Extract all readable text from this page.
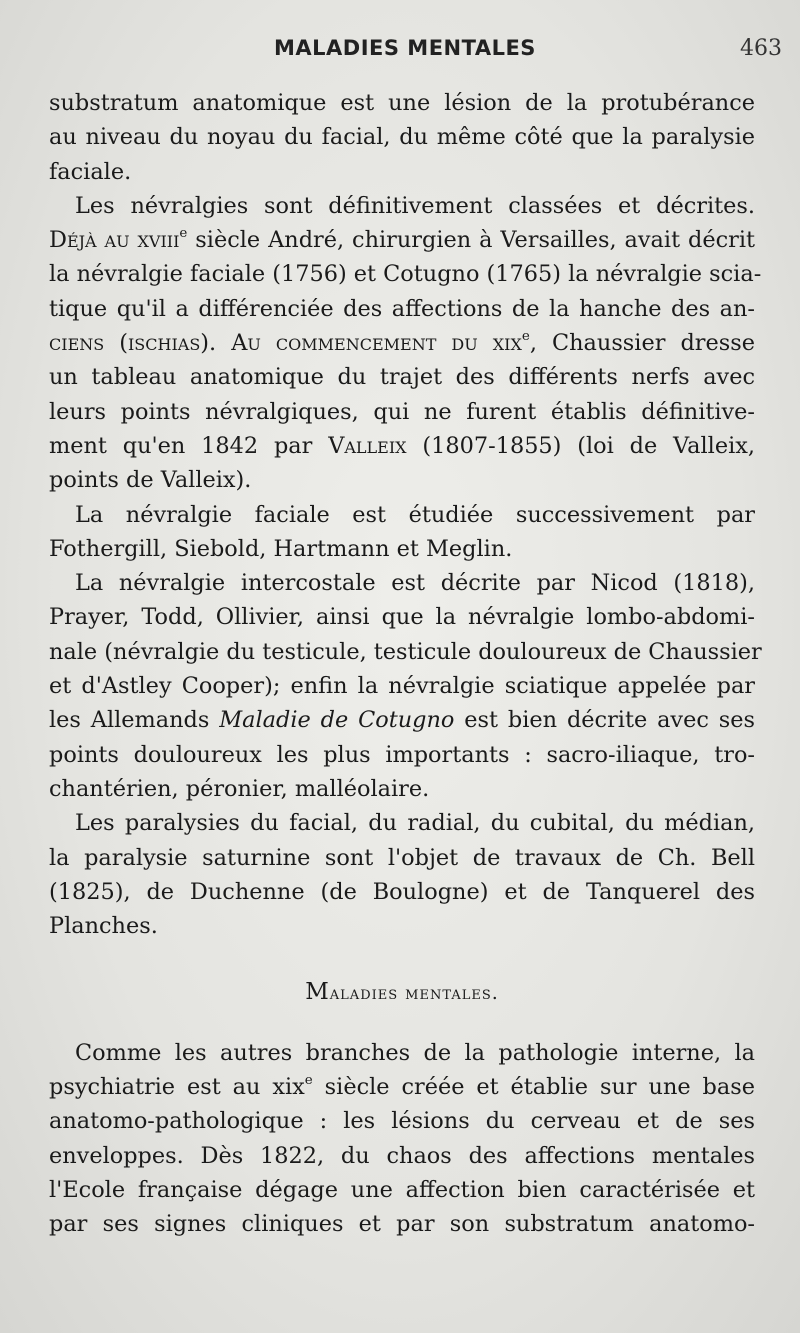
MALADIES MENTALES	463
substratum anatomique est une lésion de la protubérance
au niveau du noyau du facial, du même côté que la paralysie
faciale.
Les névralgies sont définitivement classées et décrites.
Déjà au xviii$^e$ siècle André, chirurgien à Versailles, avait décrit
la névralgie faciale (1756) et Cotugno (1765) la névralgie scia-
tique qu'il a différenciée des affections de la hanche des an-
ciens (ischias). Au commencement du xix$^e$, Chaussier dresse
un tableau anatomique du trajet des différents nerfs avec
leurs points névralgiques, qui ne furent établis définitive-
ment qu'en 1842 par Valleix (1807-1855) (loi de Valleix,
points de Valleix).
La névralgie faciale est étudiée successivement par
Fothergill, Siebold, Hartmann et Meglin.
La névralgie intercostale est décrite par Nicod (1818),
Prayer, Todd, Ollivier, ainsi que la névralgie lombo-abdomi-
nale (névralgie du testicule, testicule douloureux de Chaussier
et d'Astley Cooper); enfin la névralgie sciatique appelée par
les Allemands Maladie de Cotugno est bien décrite avec ses
points douloureux les plus importants : sacro-iliaque, tro-
chantérien, péronier, malléolaire.
Les paralysies du facial, du radial, du cubital, du médian,
la paralysie saturnine sont l'objet de travaux de Ch. Bell
(1825), de Duchenne (de Boulogne) et de Tanquerel des
Planches.
Maladies mentales.
Comme les autres branches de la pathologie interne, la
psychiatrie est au xix$^e$ siècle créée et établie sur une base
anatomo-pathologique : les lésions du cerveau et de ses
enveloppes. Dès 1822, du chaos des affections mentales
l'Ecole française dégage une affection bien caractérisée et
par ses signes cliniques et par son substratum anatomo-
